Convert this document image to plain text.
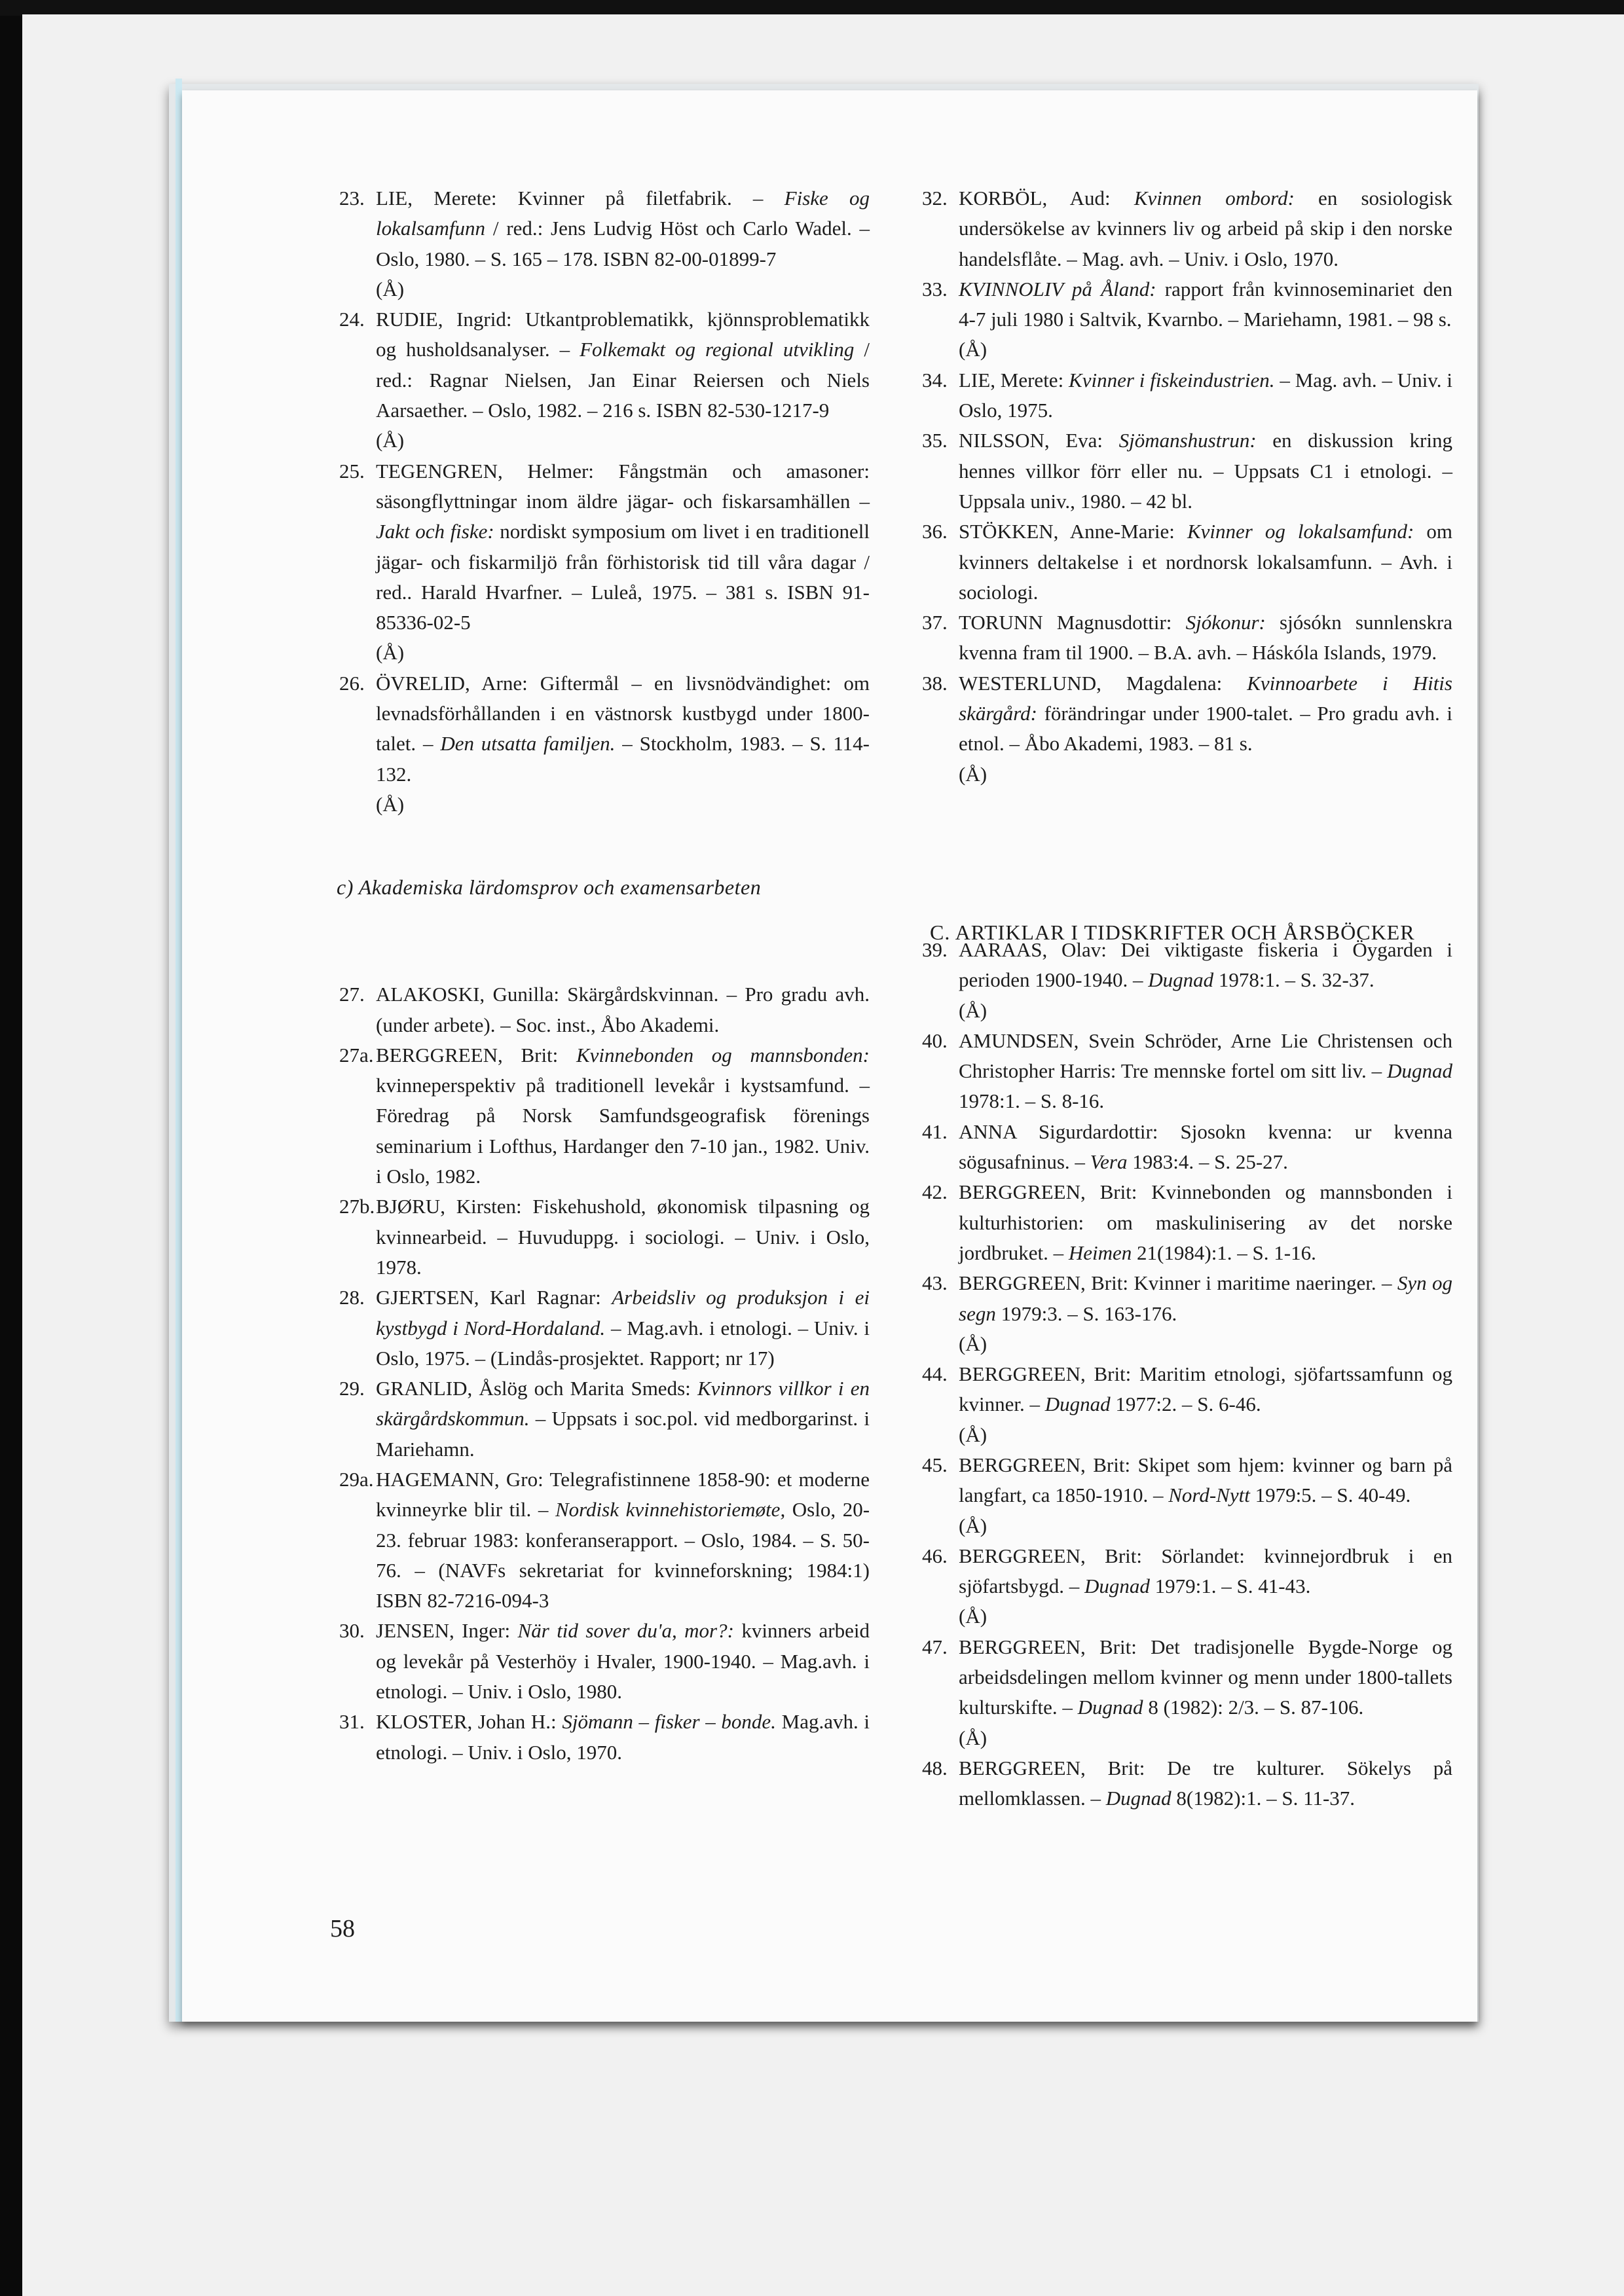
23. LIE, Merete: Kvinner på filetfabrik. – Fiske og lokalsamfunn / red.: Jens Ludvig Höst och Carlo Wadel. – Oslo, 1980. – S. 165 – 178. ISBN 82-00-01899-7
(Å)

24. RUDIE, Ingrid: Utkantproblematikk, kjönnsproblematikk og husholdsanalyser. – Folkemakt og regional utvikling / red.: Ragnar Nielsen, Jan Einar Reiersen och Niels Aarsaether. – Oslo, 1982. – 216 s. ISBN 82-530-1217-9
(Å)

25. TEGENGREN, Helmer: Fångstmän och amasoner: säsongflyttningar inom äldre jägar- och fiskarsamhällen – Jakt och fiske: nordiskt symposium om livet i en traditionell jägar- och fiskarmiljö från förhistorisk tid till våra dagar / red.. Harald Hvarfner. – Luleå, 1975. – 381 s. ISBN 91-85336-02-5
(Å)

26. ÖVRELID, Arne: Giftermål – en livsnödvändighet: om levnadsförhållanden i en västnorsk kustbygd under 1800-talet. – Den utsatta familjen. – Stockholm, 1983. – S. 114-132.
(Å)

27. ALAKOSKI, Gunilla: Skärgårdskvinnan. – Pro gradu avh. (under arbete). – Soc. inst., Åbo Akademi.

27a. BERGGREEN, Brit: Kvinnebonden og mannsbonden: kvinneperspektiv på traditionell levekår i kystsamfund. – Föredrag på Norsk Samfundsgeografisk förenings seminarium i Lofthus, Hardanger den 7-10 jan., 1982. Univ. i Oslo, 1982.

27b. BJØRU, Kirsten: Fiskehushold, økonomisk tilpasning og kvinnearbeid. – Huvuduppg. i sociologi. – Univ. i Oslo, 1978.

28. GJERTSEN, Karl Ragnar: Arbeidsliv og produksjon i ei kystbygd i Nord-Hordaland. – Mag.avh. i etnologi. – Univ. i Oslo, 1975. – (Lindås-prosjektet. Rapport; nr 17)

29. GRANLID, Åslög och Marita Smeds: Kvinnors villkor i en skärgårdskommun. – Uppsats i soc.pol. vid medborgarinst. i Mariehamn.

29a. HAGEMANN, Gro: Telegrafistinnene 1858-90: et moderne kvinneyrke blir til. – Nordisk kvinnehistoriemøte, Oslo, 20-23. februar 1983: konferanserapport. – Oslo, 1984. – S. 50-76. – (NAVFs sekretariat for kvinneforskning; 1984:1) ISBN 82-7216-094-3

30. JENSEN, Inger: När tid sover du'a, mor?: kvinners arbeid og levekår på Vesterhöy i Hvaler, 1900-1940. – Mag.avh. i etnologi. – Univ. i Oslo, 1980.

31. KLOSTER, Johan H.: Sjömann – fisker – bonde. Mag.avh. i etnologi. – Univ. i Oslo, 1970.

32. KORBÖL, Aud: Kvinnen ombord: en sosiologisk undersökelse av kvinners liv og arbeid på skip i den norske handelsflåte. – Mag. avh. – Univ. i Oslo, 1970.

33. KVINNOLIV på Åland: rapport från kvinnoseminariet den 4-7 juli 1980 i Saltvik, Kvarnbo. – Mariehamn, 1981. – 98 s.
(Å)

34. LIE, Merete: Kvinner i fiskeindustrien. – Mag. avh. – Univ. i Oslo, 1975.

35. NILSSON, Eva: Sjömanshustrun: en diskussion kring hennes villkor förr eller nu. – Uppsats C1 i etnologi. – Uppsala univ., 1980. – 42 bl.

36. STÖKKEN, Anne-Marie: Kvinner og lokalsamfund: om kvinners deltakelse i et nordnorsk lokalsamfunn. – Avh. i sociologi.

37. TORUNN Magnusdottir: Sjókonur: sjósókn sunnlenskra kvenna fram til 1900. – B.A. avh. – Háskóla Islands, 1979.

38. WESTERLUND, Magdalena: Kvinnoarbete i Hitis skärgård: förändringar under 1900-talet. – Pro gradu avh. i etnol. – Åbo Akademi, 1983. – 81 s.
(Å)

39. AARAAS, Olav: Dei viktigaste fiskeria i Öygarden i perioden 1900-1940. – Dugnad 1978:1. – S. 32-37.
(Å)

40. AMUNDSEN, Svein Schröder, Arne Lie Christensen och Christopher Harris: Tre mennske fortel om sitt liv. – Dugnad 1978:1. – S. 8-16.

41. ANNA Sigurdardottir: Sjosokn kvenna: ur kvenna sögusafninus. – Vera 1983:4. – S. 25-27.

42. BERGGREEN, Brit: Kvinnebonden og mannsbonden i kulturhistorien: om maskulinisering av det norske jordbruket. – Heimen 21(1984):1. – S. 1-16.

43. BERGGREEN, Brit: Kvinner i maritime naeringer. – Syn og segn 1979:3. – S. 163-176.
(Å)

44. BERGGREEN, Brit: Maritim etnologi, sjöfartssamfunn og kvinner. – Dugnad 1977:2. – S. 6-46.
(Å)

45. BERGGREEN, Brit: Skipet som hjem: kvinner og barn på langfart, ca 1850-1910. – Nord-Nytt 1979:5. – S. 40-49.
(Å)

46. BERGGREEN, Brit: Sörlandet: kvinnejordbruk i en sjöfartsbygd. – Dugnad 1979:1. – S. 41-43.
(Å)

47. BERGGREEN, Brit: Det tradisjonelle Bygde-Norge og arbeidsdelingen mellom kvinner og menn under 1800-tallets kulturskifte. – Dugnad 8 (1982): 2/3. – S. 87-106.
(Å)

48. BERGGREEN, Brit: De tre kulturer. Sökelys på mellomklassen. – Dugnad 8(1982):1. – S. 11-37.

c) Akademiska lärdomsprov och examensarbeten
C. ARTIKLAR I TIDSKRIFTER OCH ÅRSBÖCKER
58
